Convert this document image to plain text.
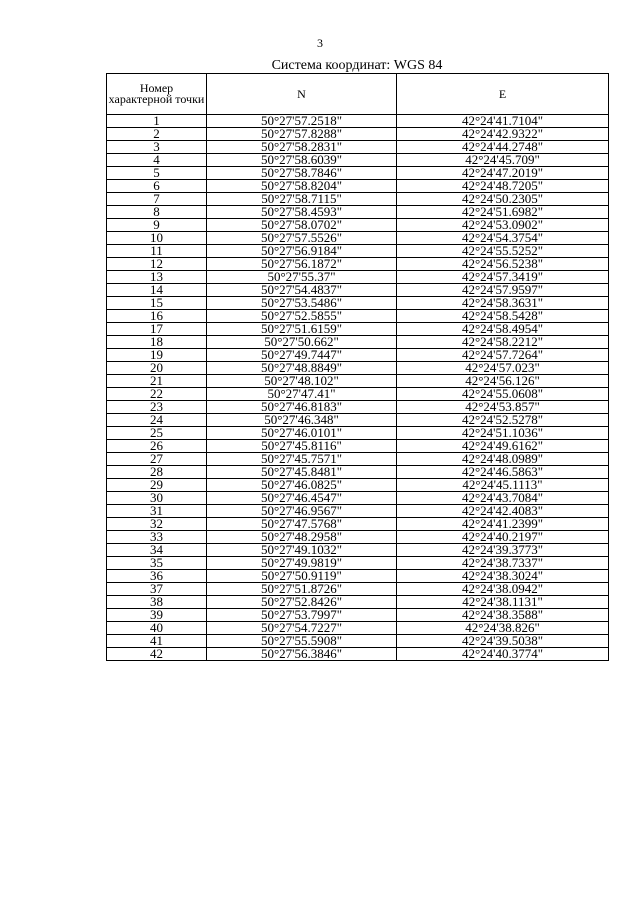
3
Система координат: WGS 84
Номер характерной точки	N	E
1	50°27'57.2518"	42°24'41.7104"
2	50°27'57.8288"	42°24'42.9322"
3	50°27'58.2831"	42°24'44.2748"
4	50°27'58.6039"	42°24'45.709"
5	50°27'58.7846"	42°24'47.2019"
6	50°27'58.8204"	42°24'48.7205"
7	50°27'58.7115"	42°24'50.2305"
8	50°27'58.4593"	42°24'51.6982"
9	50°27'58.0702"	42°24'53.0902"
10	50°27'57.5526"	42°24'54.3754"
11	50°27'56.9184"	42°24'55.5252"
12	50°27'56.1872"	42°24'56.5238"
13	50°27'55.37"	42°24'57.3419"
14	50°27'54.4837"	42°24'57.9597"
15	50°27'53.5486"	42°24'58.3631"
16	50°27'52.5855"	42°24'58.5428"
17	50°27'51.6159"	42°24'58.4954"
18	50°27'50.662"	42°24'58.2212"
19	50°27'49.7447"	42°24'57.7264"
20	50°27'48.8849"	42°24'57.023"
21	50°27'48.102"	42°24'56.126"
22	50°27'47.41"	42°24'55.0608"
23	50°27'46.8183"	42°24'53.857"
24	50°27'46.348"	42°24'52.5278"
25	50°27'46.0101"	42°24'51.1036"
26	50°27'45.8116"	42°24'49.6162"
27	50°27'45.7571"	42°24'48.0989"
28	50°27'45.8481"	42°24'46.5863"
29	50°27'46.0825"	42°24'45.1113"
30	50°27'46.4547"	42°24'43.7084"
31	50°27'46.9567"	42°24'42.4083"
32	50°27'47.5768"	42°24'41.2399"
33	50°27'48.2958"	42°24'40.2197"
34	50°27'49.1032"	42°24'39.3773"
35	50°27'49.9819"	42°24'38.7337"
36	50°27'50.9119"	42°24'38.3024"
37	50°27'51.8726"	42°24'38.0942"
38	50°27'52.8426"	42°24'38.1131"
39	50°27'53.7997"	42°24'38.3588"
40	50°27'54.7227"	42°24'38.826"
41	50°27'55.5908"	42°24'39.5038"
42	50°27'56.3846"	42°24'40.3774"
